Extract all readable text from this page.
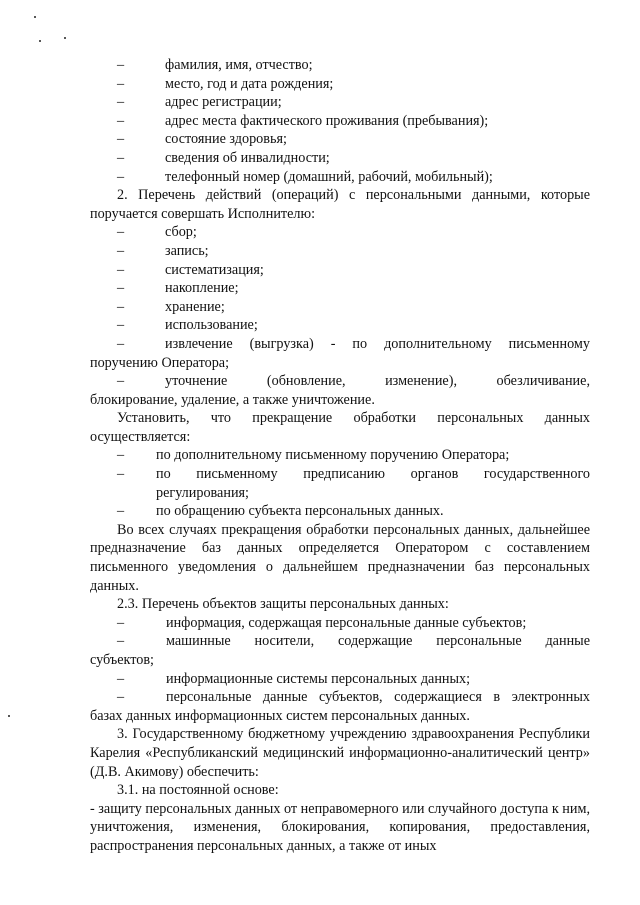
–	фамилия, имя, отчество;
–	место, год и дата рождения;
–	адрес регистрации;
–	адрес места фактического проживания (пребывания);
–	состояние здоровья;
–	сведения об инвалидности;
–	телефонный номер (домашний, рабочий, мобильный);
2. Перечень действий (операций) с персональными данными, которые
поручается совершать Исполнителю:
–	сбор;
–	запись;
–	систематизация;
–	накопление;
–	хранение;
–	использование;
–	извлечение (выгрузка) - по дополнительному письменному
поручению Оператора;
–	уточнение (обновление, изменение), обезличивание,
блокирование, удаление, а также уничтожение.
Установить, что прекращение обработки персональных данных
осуществляется:
– по дополнительному письменному поручению Оператора;
– по письменному предписанию органов государственного
регулирования;
– по обращению субъекта персональных данных.
Во всех случаях прекращения обработки персональных данных, дальнейшее предназначение баз данных определяется Оператором с составлением письменного уведомления о дальнейшем предназначении баз персональных данных.
2.3. Перечень объектов защиты персональных данных:
–	информация, содержащая персональные данные субъектов;
–	машинные носители, содержащие персональные данные
субъектов;
–	информационные системы персональных данных;
–	персональные данные субъектов, содержащиеся в электронных
базах данных информационных систем персональных данных.
3. Государственному бюджетному учреждению здравоохранения Республики Карелия «Республиканский медицинский информационно-аналитический центр» (Д.В. Акимову) обеспечить:
3.1. на постоянной основе:
- защиту персональных данных от неправомерного или случайного доступа к ним, уничтожения, изменения, блокирования, копирования, предоставления, распространения персональных данных, а также от иных
